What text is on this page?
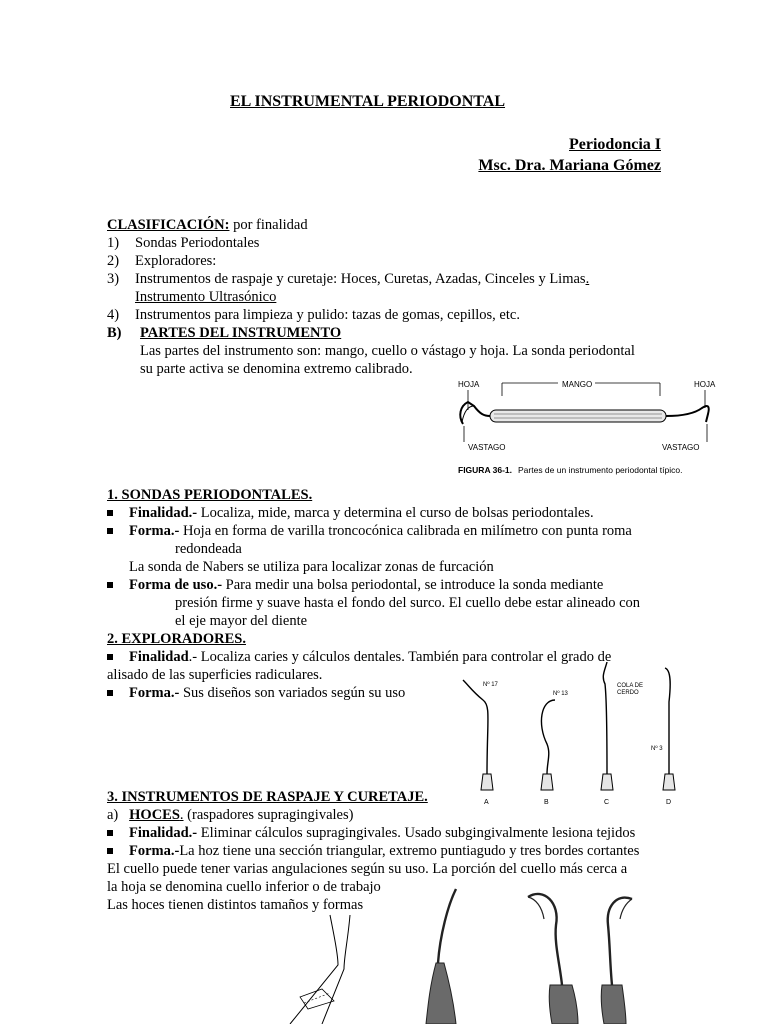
EL INSTRUMENTAL PERIODONTAL
Periodoncia I
Msc. Dra. Mariana Gómez
CLASIFICACIÓN: por finalidad
1) Sondas Periodontales
2) Exploradores:
3) Instrumentos de raspaje y curetaje: Hoces, Curetas, Azadas, Cinceles y Limas.
Instrumento Ultrasónico
4) Instrumentos para limpieza y pulido: tazas de gomas, cepillos, etc.
B) PARTES DEL INSTRUMENTO
Las partes del instrumento son: mango, cuello o vástago y hoja. La sonda periodontal
su parte activa se denomina extremo calibrado.
HOJA	MANGO	HOJA
VASTAGO	VASTAGO
FIGURA 36-1. Partes de un instrumento periodontal típico.
1. SONDAS PERIODONTALES.
Finalidad.- Localiza, mide, marca y determina el curso de bolsas periodontales.
Forma.- Hoja en forma de varilla troncocónica calibrada en milímetro con punta roma
redondeada
La sonda de Nabers se utiliza para localizar zonas de furcación
Forma de uso.- Para medir una bolsa periodontal, se introduce la sonda mediante
presión firme y suave hasta el fondo del surco. El cuello debe estar alineado con
el eje mayor del diente
2. EXPLORADORES.
Finalidad.- Localiza caries y cálculos dentales. También para controlar el grado de
alisado de las superficies radiculares.
Forma.- Sus diseños son variados según su uso	Nº 17
Nº 13
COLA DE
CERDO
Nº 3
A	B	C	D
3. INSTRUMENTOS DE RASPAJE Y CURETAJE.
a) HOCES. (raspadores supragingivales)
Finalidad.- Eliminar cálculos supragingivales. Usado subgingivalmente lesiona tejidos
Forma.-La hoz tiene una sección triangular, extremo puntiagudo y tres bordes cortantes
El cuello puede tener varias angulaciones según su uso. La porción del cuello más cerca a
la hoja se denomina cuello inferior o de trabajo
Las hoces tienen distintos tamaños y formas
